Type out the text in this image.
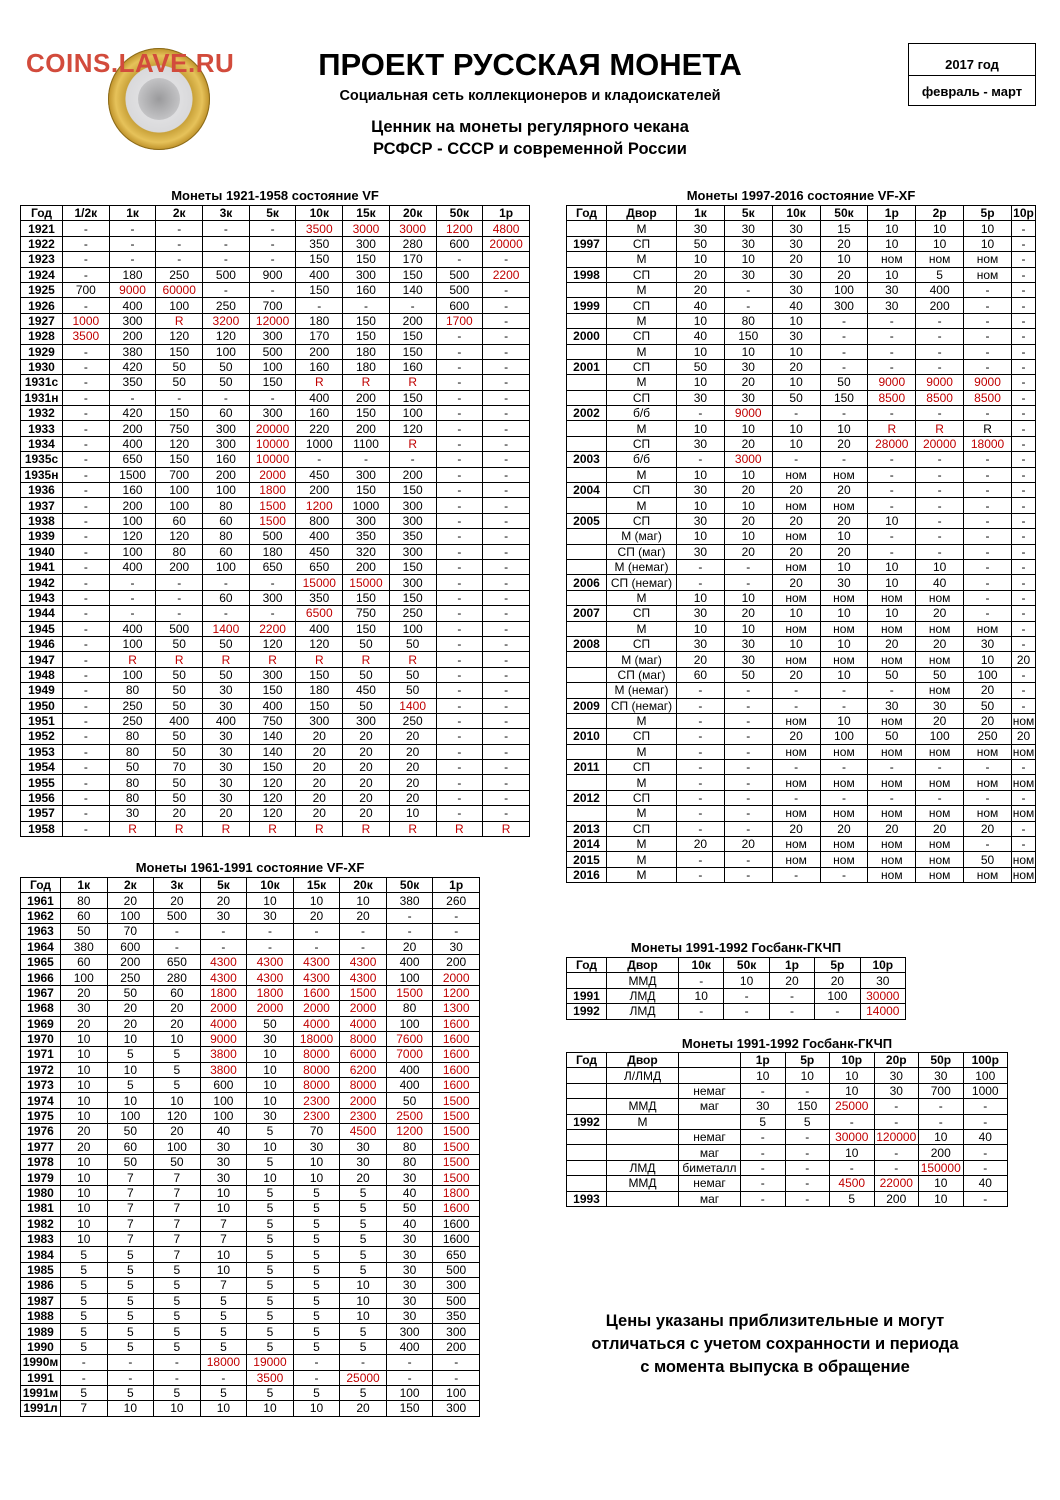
COINS.LAVE.RU	ПРОЕКТ РУССКАЯ МОНЕТА
Социальная сеть коллекционеров и кладоискателей
Ценник на монеты регулярного чекана
РСФСР - СССР и современной России
2017 год
февраль - март
Монеты 1921-1958 состояние VF
Год	1/2к	1к	2к	3к	5к	10к	15к	20к	50к	1р
1921	-	-	-	-	-	3500	3000	3000	1200	4800
1922	-	-	-	-	-	350	300	280	600	20000
1923	-	-	-	-	-	150	150	170	-	-
1924	-	180	250	500	900	400	300	150	500	2200
1925	700	9000	60000	-	-	150	160	140	500	-
1926	-	400	100	250	700	-	-	-	600	-
1927	1000	300	R	3200	12000	180	150	200	1700	-
1928	3500	200	120	120	300	170	150	150	-	-
1929	-	380	150	100	500	200	180	150	-	-
1930	-	420	50	50	100	160	180	160	-	-
1931с	-	350	50	50	150	R	R	R	-	-
1931н	-	-	-	-	-	400	200	150	-	-
1932	-	420	150	60	300	160	150	100	-	-
1933	-	200	750	300	20000	220	200	120	-	-
1934	-	400	120	300	10000	1000	1100	R	-	-
1935с	-	650	150	160	10000	-	-	-	-	-
1935н	-	1500	700	200	2000	450	300	200	-	-
1936	-	160	100	100	1800	200	150	150	-	-
1937	-	200	100	80	1500	1200	1000	300	-	-
1938	-	100	60	60	1500	800	300	300	-	-
1939	-	120	120	80	500	400	350	350	-	-
1940	-	100	80	60	180	450	320	300	-	-
1941	-	400	200	100	650	650	200	150	-	-
1942	-	-	-	-	-	15000	15000	300	-	-
1943	-	-	-	60	300	350	150	150	-	-
1944	-	-	-	-	-	6500	750	250	-	-
1945	-	400	500	1400	2200	400	150	100	-	-
1946	-	100	50	50	120	120	50	50	-	-
1947	-	R	R	R	R	R	R	R	-	-
1948	-	100	50	50	300	150	50	50	-	-
1949	-	80	50	30	150	180	450	50	-	-
1950	-	250	50	30	400	150	50	1400	-	-
1951	-	250	400	400	750	300	300	250	-	-
1952	-	80	50	30	140	20	20	20	-	-
1953	-	80	50	30	140	20	20	20	-	-
1954	-	50	70	30	150	20	20	20	-	-
1955	-	80	50	30	120	20	20	20	-	-
1956	-	80	50	30	120	20	20	20	-	-
1957	-	30	20	20	120	20	20	10	-	-
1958	-	R	R	R	R	R	R	R	R	R
Монеты 1961-1991 состояние VF-XF
Год	1к	2к	3к	5к	10к	15к	20к	50к	1р
1961	80	20	20	20	10	10	10	380	260
1962	60	100	500	30	30	20	20	-	-
1963	50	70	-	-	-	-	-	-	-
1964	380	600	-	-	-	-	-	20	30
1965	60	200	650	4300	4300	4300	4300	400	200
1966	100	250	280	4300	4300	4300	4300	100	2000
1967	20	50	60	1800	1800	1600	1500	1500	1200
1968	30	20	20	2000	2000	2000	2000	80	1300
1969	20	20	20	4000	50	4000	4000	100	1600
1970	10	10	10	9000	30	18000	8000	7600	1600
1971	10	5	5	3800	10	8000	6000	7000	1600
1972	10	10	5	3800	10	8000	6200	400	1600
1973	10	5	5	600	10	8000	8000	400	1600
1974	10	10	10	100	10	2300	2000	50	1500
1975	10	100	120	100	30	2300	2300	2500	1500
1976	20	50	20	40	5	70	4500	1200	1500
1977	20	60	100	30	10	30	30	80	1500
1978	10	50	50	30	5	10	30	80	1500
1979	10	7	7	30	10	10	20	30	1500
1980	10	7	7	10	5	5	5	40	1800
1981	10	7	7	10	5	5	5	50	1600
1982	10	7	7	7	5	5	5	40	1600
1983	10	7	7	7	5	5	5	30	1600
1984	5	5	7	10	5	5	5	30	650
1985	5	5	5	10	5	5	5	30	500
1986	5	5	5	7	5	5	10	30	300
1987	5	5	5	5	5	5	10	30	500
1988	5	5	5	5	5	5	10	30	350
1989	5	5	5	5	5	5	5	300	300
1990	5	5	5	5	5	5	5	400	200
1990м	-	-	-	18000	19000	-	-	-	-
1991	-	-	-	-	3500	-	25000	-	-
1991м	5	5	5	5	5	5	5	100	100
1991л	7	10	10	10	10	10	20	150	300
Монеты 1997-2016 состояние VF-XF
Год	Двор	1к	5к	10к	50к	1р	2р	5р	10р
	М	30	30	30	15	10	10	10	-
1997	СП	50	30	30	20	10	10	10	-
	М	10	10	20	10	ном	ном	ном	-
1998	СП	20	30	30	20	10	5	ном	-
	М	20	-	30	100	30	400	-	-
1999	СП	40	-	40	300	30	200	-	-
	М	10	80	10	-	-	-	-	-
2000	СП	40	150	30	-	-	-	-	-
	М	10	10	10	-	-	-	-	-
2001	СП	50	30	20	-	-	-	-	-
	М	10	20	10	50	9000	9000	9000	-
	СП	30	30	50	150	8500	8500	8500	-
2002	б/б	-	9000	-	-	-	-	-	-
	М	10	10	10	10	R	R	R	-
	СП	30	20	10	20	28000	20000	18000	-
2003	б/б	-	3000	-	-	-	-	-	-
	М	10	10	ном	ном	-	-	-	-
2004	СП	30	20	20	20	-	-	-	-
	М	10	10	ном	ном	-	-	-	-
2005	СП	30	20	20	20	10	-	-	-
	М (маг)	10	10	ном	10	-	-	-	-
	СП (маг)	30	20	20	20	-	-	-	-
	М (немаг)	-	-	ном	10	10	10	-	-
2006	СП (немаг)	-	-	20	30	10	40	-	-
	М	10	10	ном	ном	ном	ном	-	-
2007	СП	30	20	10	10	10	20	-	-
	М	10	10	ном	ном	ном	ном	ном	-
2008	СП	30	30	10	10	20	20	30	-
	М (маг)	20	30	ном	ном	ном	ном	10	20
	СП (маг)	60	50	20	10	50	50	100	-
	М (немаг)	-	-	-	-	-	ном	20	-
2009	СП (немаг)	-	-	-	-	30	30	50	-
	М	-	-	ном	10	ном	20	20	ном
2010	СП	-	-	20	100	50	100	250	20
	М	-	-	ном	ном	ном	ном	ном	ном
2011	СП	-	-	-	-	-	-	-	-
	М	-	-	ном	ном	ном	ном	ном	ном
2012	СП	-	-	-	-	-	-	-	-
	М	-	-	ном	ном	ном	ном	ном	ном
2013	СП	-	-	20	20	20	20	20	-
2014	М	20	20	ном	ном	ном	ном	-	-
2015	М	-	-	ном	ном	ном	ном	50	ном
2016	М	-	-	-	-	ном	ном	ном	ном
Монеты 1991-1992 Госбанк-ГКЧП
Год	Двор	10к	50к	1р	5р	10р
	ММД	-	10	20	20	30
1991	ЛМД	10	-	-	100	30000
1992	ЛМД	-	-	-	-	14000
Монеты 1991-1992 Госбанк-ГКЧП
Год	Двор		1р	5р	10р	20р	50р	100р
	Л/ЛМД		10	10	10	30	30	100
		немаг	-	-	10	30	700	1000
	ММД	маг	30	150	25000	-	-	-
1992	М		5	5	-	-	-	-
		немаг	-	-	30000	120000	10	40
		маг	-	-	10	-	200	-
	ЛМД	биметалл	-	-	-	-	150000	-
	ММД	немаг	-	-	4500	22000	10	40
1993		маг	-	-	5	200	10	-
Цены указаны приблизительные и могут
отличаться с учетом сохранности и периода
с момента выпуска в обращение
